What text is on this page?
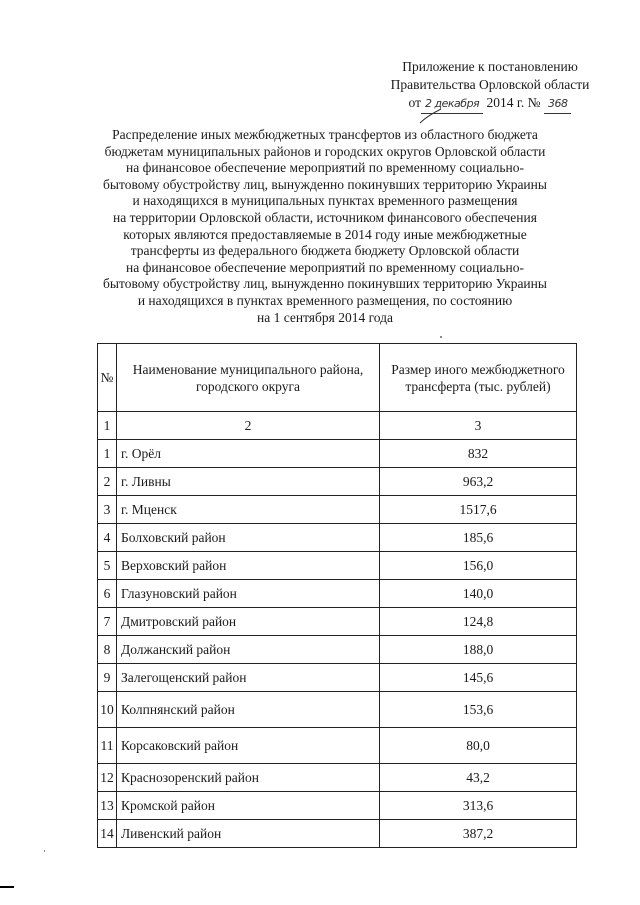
Приложение к постановлению
Правительства Орловской области
от 2 декабря 2014 г. № 368
Распределение иных межбюджетных трансфертов из областного бюджета
бюджетам муниципальных районов и городских округов Орловской области
на финансовое обеспечение мероприятий по временному социально-
бытовому обустройству лиц, вынужденно покинувших территорию Украины
и находящихся в муниципальных пунктах временного размещения
на территории Орловской области, источником финансового обеспечения
которых являются предоставляемые в 2014 году иные межбюджетные
трансферты из федерального бюджета бюджету Орловской области
на финансовое обеспечение мероприятий по временному социально-
бытовому обустройству лиц, вынужденно покинувших территорию Украины
и находящихся в пунктах временного размещения, по состоянию
на 1 сентября 2014 года
№	Наименование муниципального района, городского округа	Размер иного межбюджетного трансферта (тыс. рублей)
1	2	3
1	г. Орёл	832
2	г. Ливны	963,2
3	г. Мценск	1517,6
4	Болховский район	185,6
5	Верховский район	156,0
6	Глазуновский район	140,0
7	Дмитровский район	124,8
8	Должанский район	188,0
9	Залегощенский район	145,6
10	Колпнянский район	153,6
11	Корсаковский район	80,0
12	Краснозоренский район	43,2
13	Кромской район	313,6
14	Ливенский район	387,2
